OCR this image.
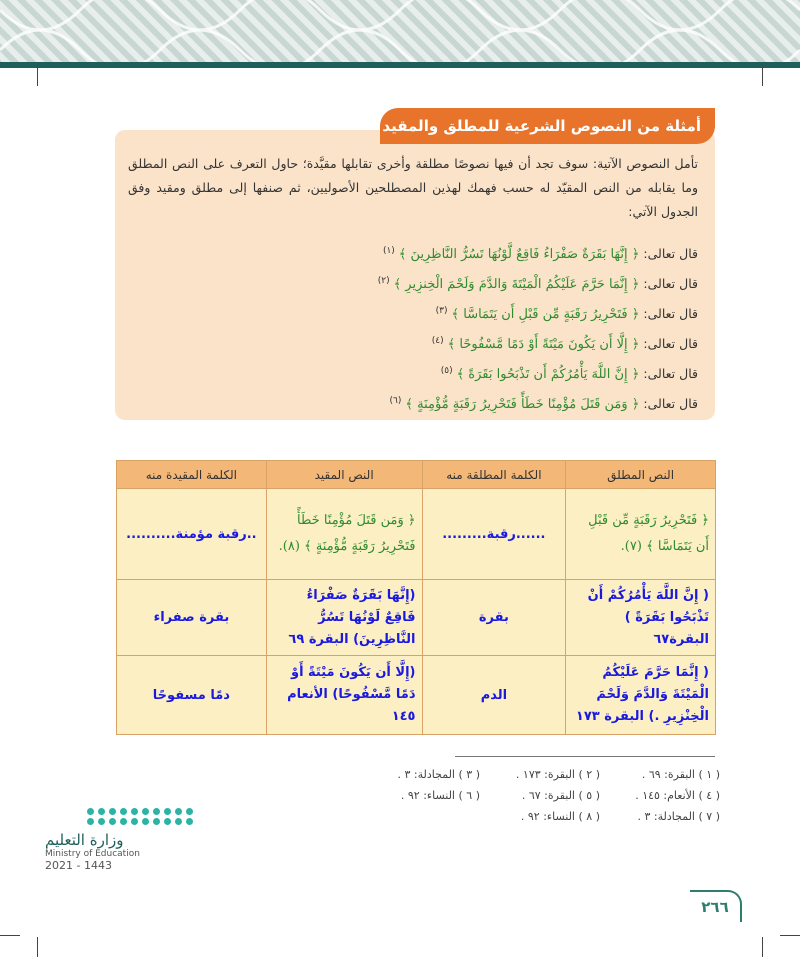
أمثلة من النصوص الشرعية للمطلق والمقيد
تأمل النصوص الآتية: سوف تجد أن فيها نصوصًا مطلقة وأخرى تقابلها مقيَّدة؛ حاول التعرف على النص المطلق وما يقابله من النص المقيّد له حسب فهمك لهذين المصطلحين الأصوليين، ثم صنفها إلى مطلق ومقيد وفق الجدول الآتي:
قال تعالى: ﴿ إِنَّهَا بَقَرَةٌ صَفْرَاءُ فَاقِعٌ لَّوْنُهَا تَسُرُّ النَّاظِرِينَ ﴾ $^{(١)}$
قال تعالى: ﴿ إِنَّمَا حَرَّمَ عَلَيْكُمُ الْمَيْتَةَ وَالدَّمَ وَلَحْمَ الْخِنزِيرِ ﴾ $^{(٢)}$
قال تعالى: ﴿ فَتَحْرِيرُ رَقَبَةٍ مِّن قَبْلِ أَن يَتَمَاسَّا ﴾ $^{(٣)}$
قال تعالى: ﴿ إِلَّا أَن يَكُونَ مَيْتَةً أَوْ دَمًا مَّسْفُوحًا ﴾ $^{(٤)}$
قال تعالى: ﴿ إِنَّ اللَّهَ يَأْمُرُكُمْ أَن تَذْبَحُوا بَقَرَةً ﴾ $^{(٥)}$
قال تعالى: ﴿ وَمَن قَتَلَ مُؤْمِنًا خَطَأً فَتَحْرِيرُ رَقَبَةٍ مُّؤْمِنَةٍ ﴾ $^{(٦)}$
النص المطلق	الكلمة المطلقة منه	النص المقيد	الكلمة المقيدة منه
﴿ فَتَحْرِيرُ رَقَبَةٍ مِّن قَبْلِ أَن يَتَمَاسَّا ﴾ (٧).	......رقبة.........	﴿ وَمَن قَتَلَ مُؤْمِنًا خَطَأً فَتَحْرِيرُ رَقَبَةٍ مُّؤْمِنَةٍ ﴾ (٨).	..رقبة مؤمنة..........
( إِنَّ اللَّهَ يَأْمُرُكُمْ أَنْ تَذْبَحُوا بَقَرَةً ) البقرة٦٧	بقرة	(إِنَّهَا بَقَرَةٌ صَفْرَاءُ فَاقِعٌ لَوْنُهَا تَسُرُّ النَّاظِرِينَ) البقرة ٦٩	بقرة صفراء
( إِنَّمَا حَرَّمَ عَلَيْكُمُ الْمَيْتَةَ وَالدَّمَ وَلَحْمَ الْخِنْزِيرِ .) البقرة ١٧٣	الدم	(إِلَّا أَن يَكُونَ مَيْتَةً أَوْ دَمًا مَّسْفُوحًا) الأنعام ١٤٥	دمًا مسفوحًا
( ١ ) البقرة: ٦٩ .
( ٢ ) البقرة: ١٧٣ .
( ٣ ) المجادلة: ٣ .
( ٤ ) الأنعام: ١٤٥ .
( ٥ ) البقرة: ٦٧ .
( ٦ ) النساء: ٩٢ .
( ٧ ) المجادلة: ٣ .
( ٨ ) النساء: ٩٢ .
وزارة التعليم
Ministry of Education
2021 - 1443
٢٦٦
